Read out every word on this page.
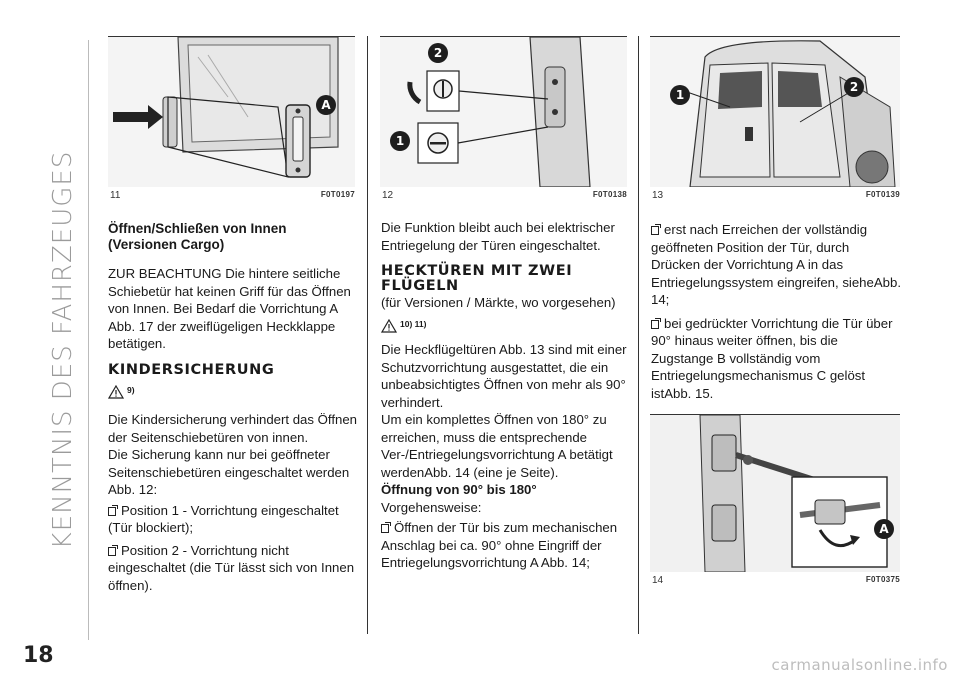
KENNTNIS DES FAHRZEUGES
18
A
11	F0T0197
2
1
12	F0T0138
1
2
13	F0T0139
A
14	F0T0375
Öffnen/Schließen von Innen (Versionen Cargo)

ZUR BEACHTUNG Die hintere seitliche Schiebetür hat keinen Griff für das Öffnen von Innen. Bei Bedarf die Vorrichtung A Abb. 17 der zweiflügeligen Heckklappe betätigen.

KINDERSICHERUNG
9)

Die Kindersicherung verhindert das Öffnen der Seitenschiebetüren von innen.

Die Sicherung kann nur bei geöffneter Seitenschiebetüren eingeschaltet werden Abb. 12:

Position 1 - Vorrichtung eingeschaltet (Tür blockiert);

Position 2 - Vorrichtung nicht eingeschaltet (die Tür lässt sich von Innen öffnen).

Die Funktion bleibt auch bei elektrischer Entriegelung der Türen eingeschaltet.

HECKTÜREN MIT ZWEI FLÜGELN

(für Versionen / Märkte, wo vorgesehen)

10) 11)

Die Heckflügeltüren Abb. 13 sind mit einer Schutzvorrichtung ausgestattet, die ein unbeabsichtigtes Öffnen von mehr als 90° verhindert.

Um ein komplettes Öffnen von 180° zu erreichen, muss die entsprechende Ver-/Entriegelungsvorrichtung A betätigt werdenAbb. 14 (eine je Seite).

Öffnung von 90° bis 180°

Vorgehensweise:

Öffnen der Tür bis zum mechanischen Anschlag bei ca. 90° ohne Eingriff der Entriegelungsvorrichtung A Abb. 14;

erst nach Erreichen der vollständig geöffneten Position der Tür, durch Drücken der Vorrichtung A in das Entriegelungssystem eingreifen, sieheAbb. 14;

bei gedrückter Vorrichtung die Tür über 90° hinaus weiter öffnen, bis die Zugstange B vollständig vom Entriegelungsmechanismus C gelöst istAbb. 15.

carmanualsonline.info
